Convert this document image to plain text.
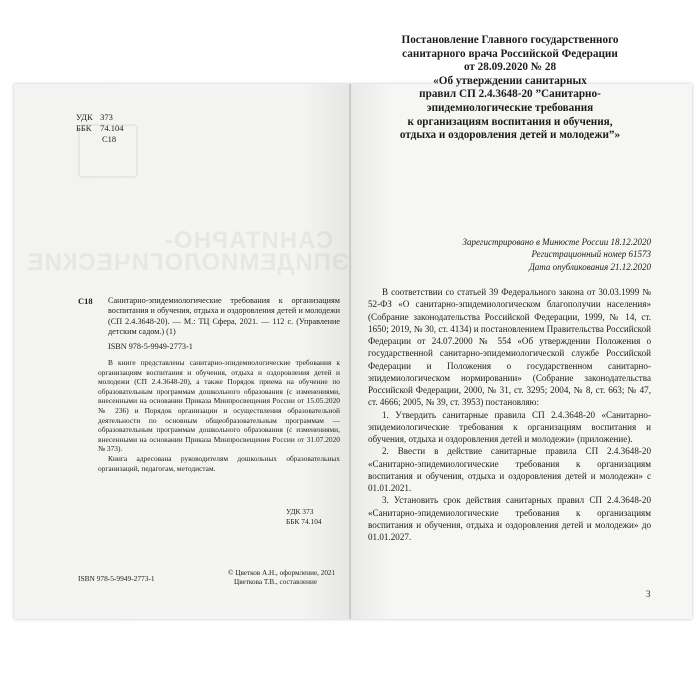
САНИТАРНО-ЭПИДЕМИОЛОГИЧЕСКИЕ
УДК 373
ББК 74.104
С18
С18 Санитарно-эпидемиологические требования к организациям воспитания и обучения, отдыха и оздоровления детей и молодежи (СП 2.4.3648-20). — М.: ТЦ Сфера, 2021. — 112 с. (Управление детским садом.) (1)
ISBN 978-5-9949-2773-1
В книге представлены санитарно-эпидемиологические требования к организациям воспитания и обучения, отдыха и оздоровления детей и молодежи (СП 2.4.3648-20), а также Порядок приема на обучение по образовательным программам дошкольного образования (с изменениями, внесенными на основании Приказа Минпросвещения России от 15.05.2020 № 236) и Порядок организации и осуществления образовательной деятельности по основным общеобразовательным программам — образовательным программам дошкольного образования (с изменениями, внесенными на основании Приказа Минпросвещения России от 31.07.2020 № 373).
Книга адресована руководителям дошкольных образовательных организаций, педагогам, методистам.
УДК 373
ББК 74.104
ISBN 978-5-9949-2773-1
© Цветков А.Н., оформление, 2021
Цветкова Т.В., составление
Постановление Главного государственного
санитарного врача Российской Федерации
от 28.09.2020 № 28
«Об утверждении санитарных
правил СП 2.4.3648-20 ”Санитарно-
эпидемиологические требования
к организациям воспитания и обучения,
отдыха и оздоровления детей и молодежи”»
Зарегистрировано в Минюсте России 18.12.2020
Регистрационный номер 61573
Дата опубликования 21.12.2020

В соответствии со статьей 39 Федерального закона от 30.03.1999 № 52-ФЗ «О санитарно-эпидемиологическом благополучии населения» (Собрание законодательства Российской Федерации, 1999, № 14, ст. 1650; 2019, № 30, ст. 4134) и постановлением Правительства Российской Федерации от 24.07.2000 № 554 «Об утверждении Положения о государственной санитарно-эпидемиологической службе Российской Федерации и Положения о государственном санитарно-эпидемиологическом нормировании» (Собрание законодательства Российской Федерации, 2000, № 31, ст. 3295; 2004, № 8, ст. 663; № 47, ст. 4666; 2005, № 39, ст. 3953) постановляю:

1. Утвердить санитарные правила СП 2.4.3648-20 «Санитарно-эпидемиологические требования к организациям воспитания и обучения, отдыха и оздоровления детей и молодежи» (приложение).

2. Ввести в действие санитарные правила СП 2.4.3648-20 «Санитарно-эпидемиологические требования к организациям воспитания и обучения, отдыха и оздоровления детей и молодежи» с 01.01.2021.

3. Установить срок действия санитарных правил СП 2.4.3648-20 «Санитарно-эпидемиологические требования к организациям воспитания и обучения, отдыха и оздоровления детей и молодежи» до 01.01.2027.

3
